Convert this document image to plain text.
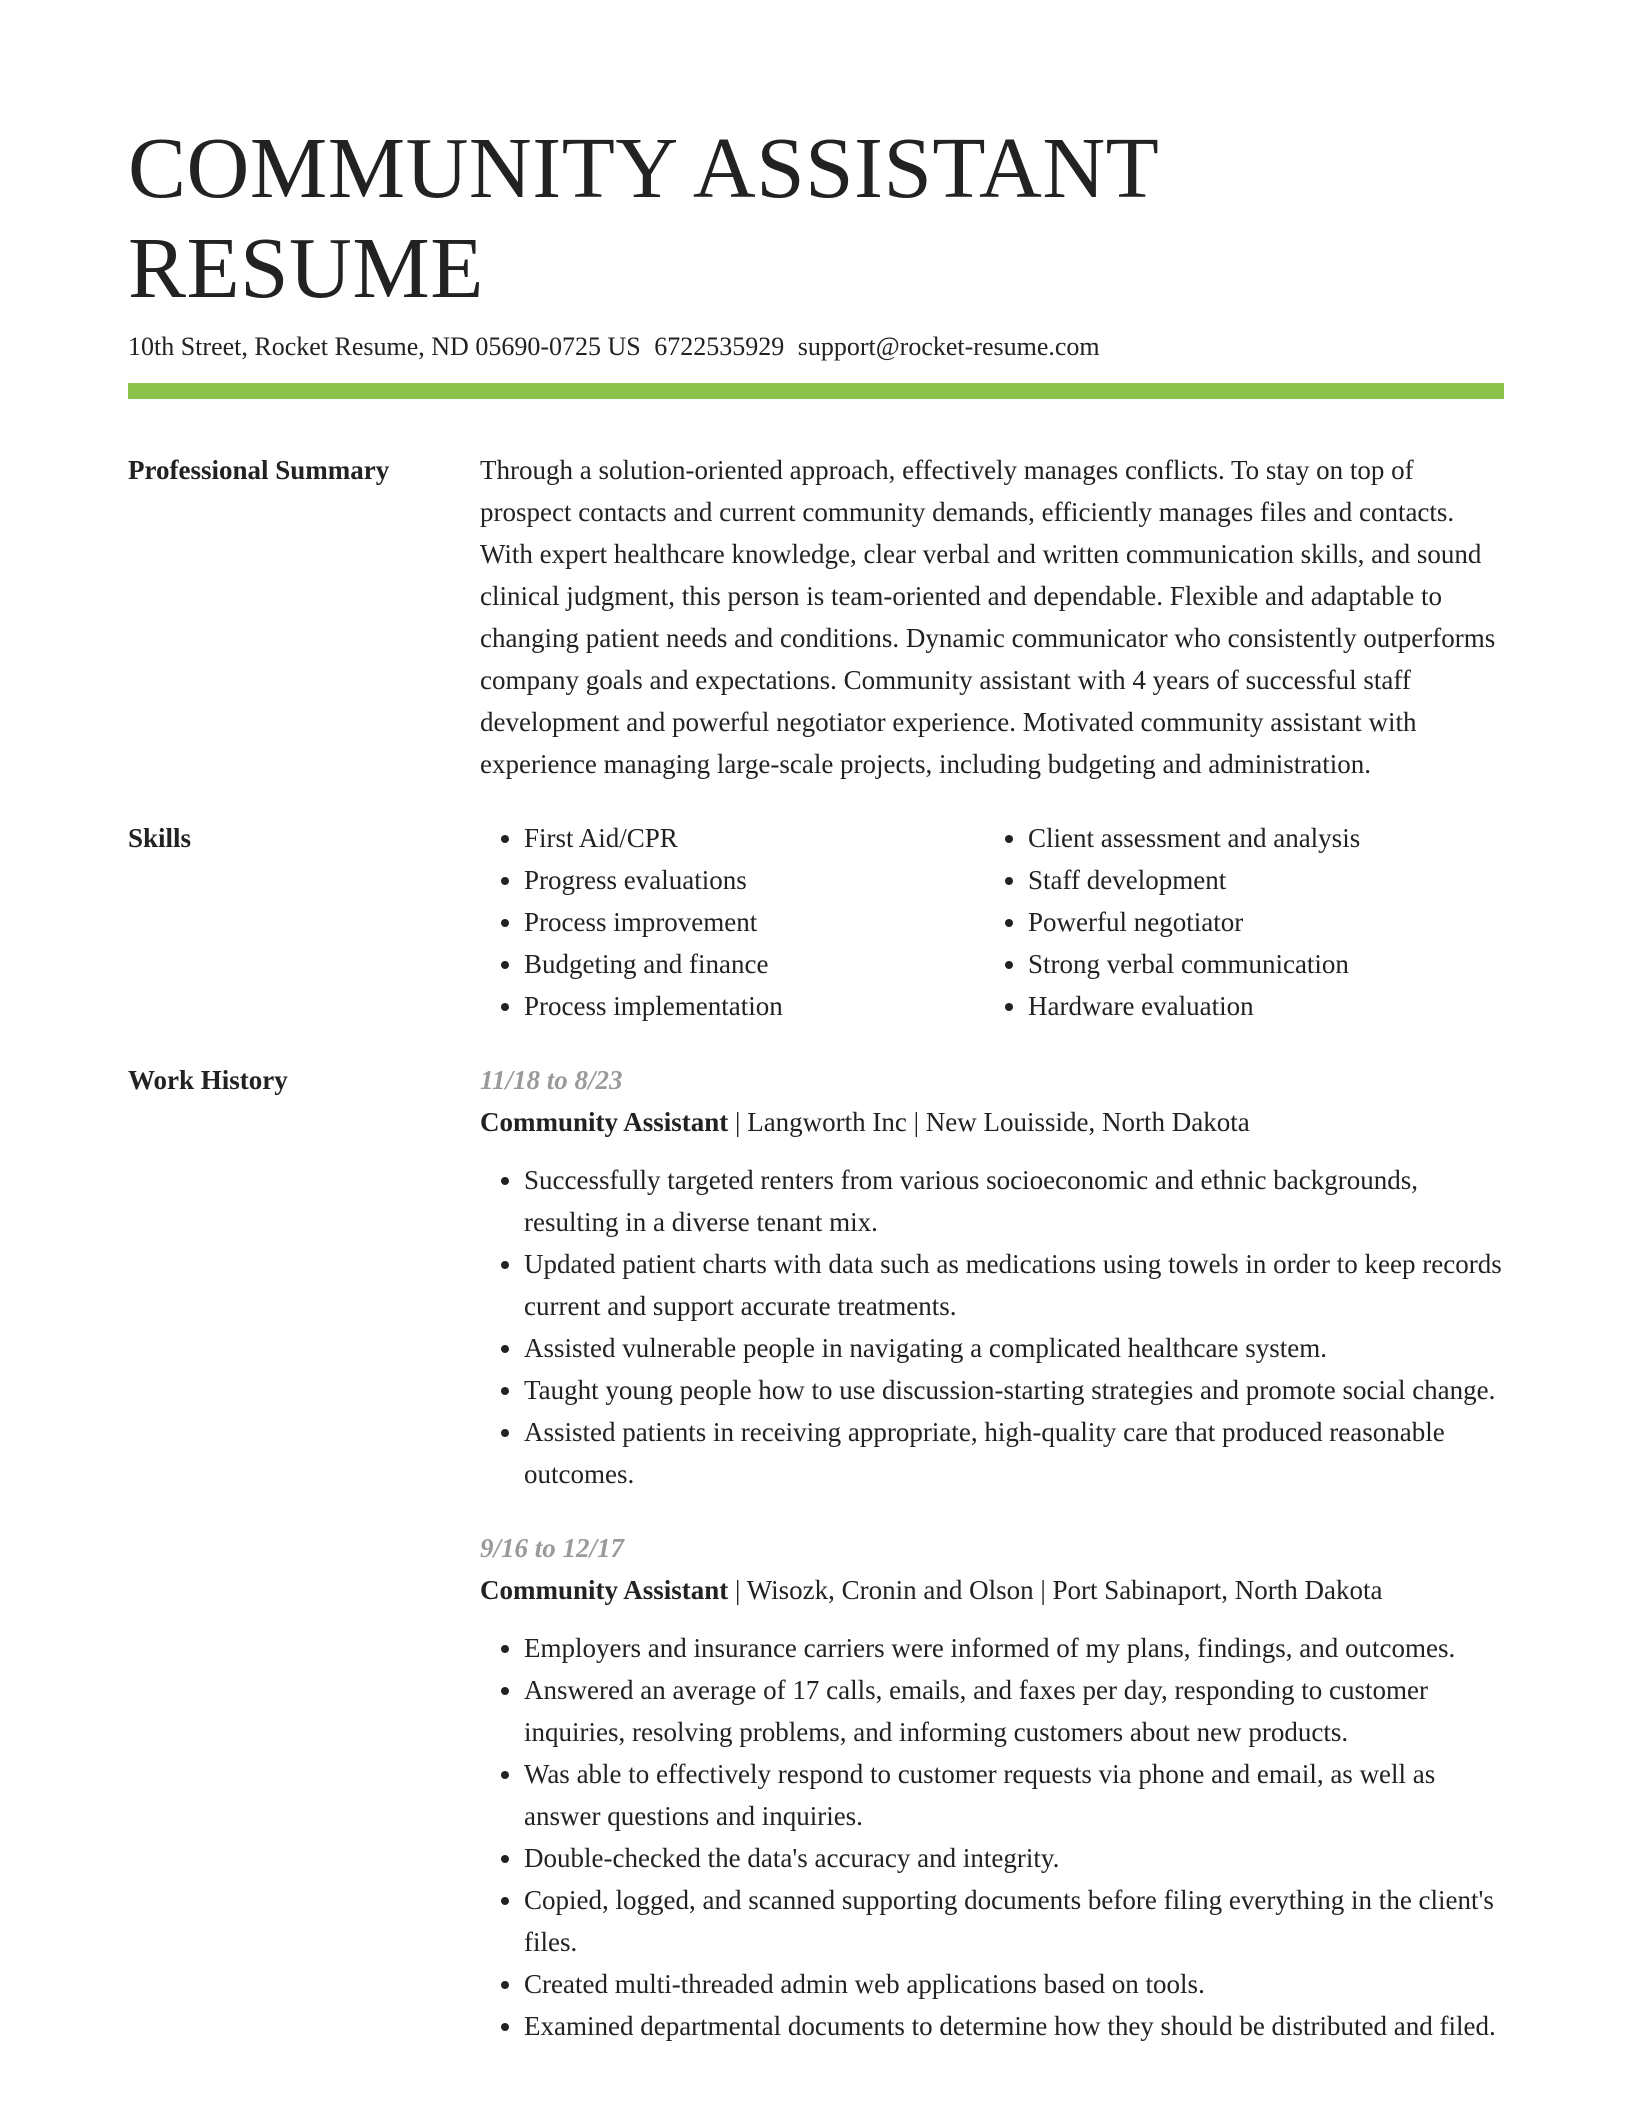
COMMUNITY ASSISTANT RESUME
10th Street, Rocket Resume, ND 05690-0725 US 6722535929 support@rocket-resume.com
Professional Summary	Through a solution-oriented approach, effectively manages conflicts. To stay on top of prospect contacts and current community demands, efficiently manages files and contacts. With expert healthcare knowledge, clear verbal and written communication skills, and sound clinical judgment, this person is team-oriented and dependable. Flexible and adaptable to changing patient needs and conditions. Dynamic communicator who consistently outperforms company goals and expectations. Community assistant with 4 years of successful staff development and powerful negotiator experience. Motivated community assistant with experience managing large-scale projects, including budgeting and administration.
Skills
•	First Aid/CPR
• Progress evaluations
• Process improvement
• Budgeting and finance
• Process implementation
• Client assessment and analysis
• Staff development
• Powerful negotiator
• Strong verbal communication
• Hardware evaluation
Work History	11/18 to 8/23
Community Assistant | Langworth Inc | New Louisside, North Dakota
• Successfully targeted renters from various socioeconomic and ethnic backgrounds, resulting in a diverse tenant mix.
• Updated patient charts with data such as medications using towels in order to keep records current and support accurate treatments.
• Assisted vulnerable people in navigating a complicated healthcare system.
• Taught young people how to use discussion-starting strategies and promote social change.
• Assisted patients in receiving appropriate, high-quality care that produced reasonable outcomes.
9/16 to 12/17
Community Assistant | Wisozk, Cronin and Olson | Port Sabinaport, North Dakota
• Employers and insurance carriers were informed of my plans, findings, and outcomes.
• Answered an average of 17 calls, emails, and faxes per day, responding to customer inquiries, resolving problems, and informing customers about new products.
• Was able to effectively respond to customer requests via phone and email, as well as answer questions and inquiries.
• Double-checked the data's accuracy and integrity.
• Copied, logged, and scanned supporting documents before filing everything in the client's files.
• Created multi-threaded admin web applications based on tools.
• Examined departmental documents to determine how they should be distributed and filed.
